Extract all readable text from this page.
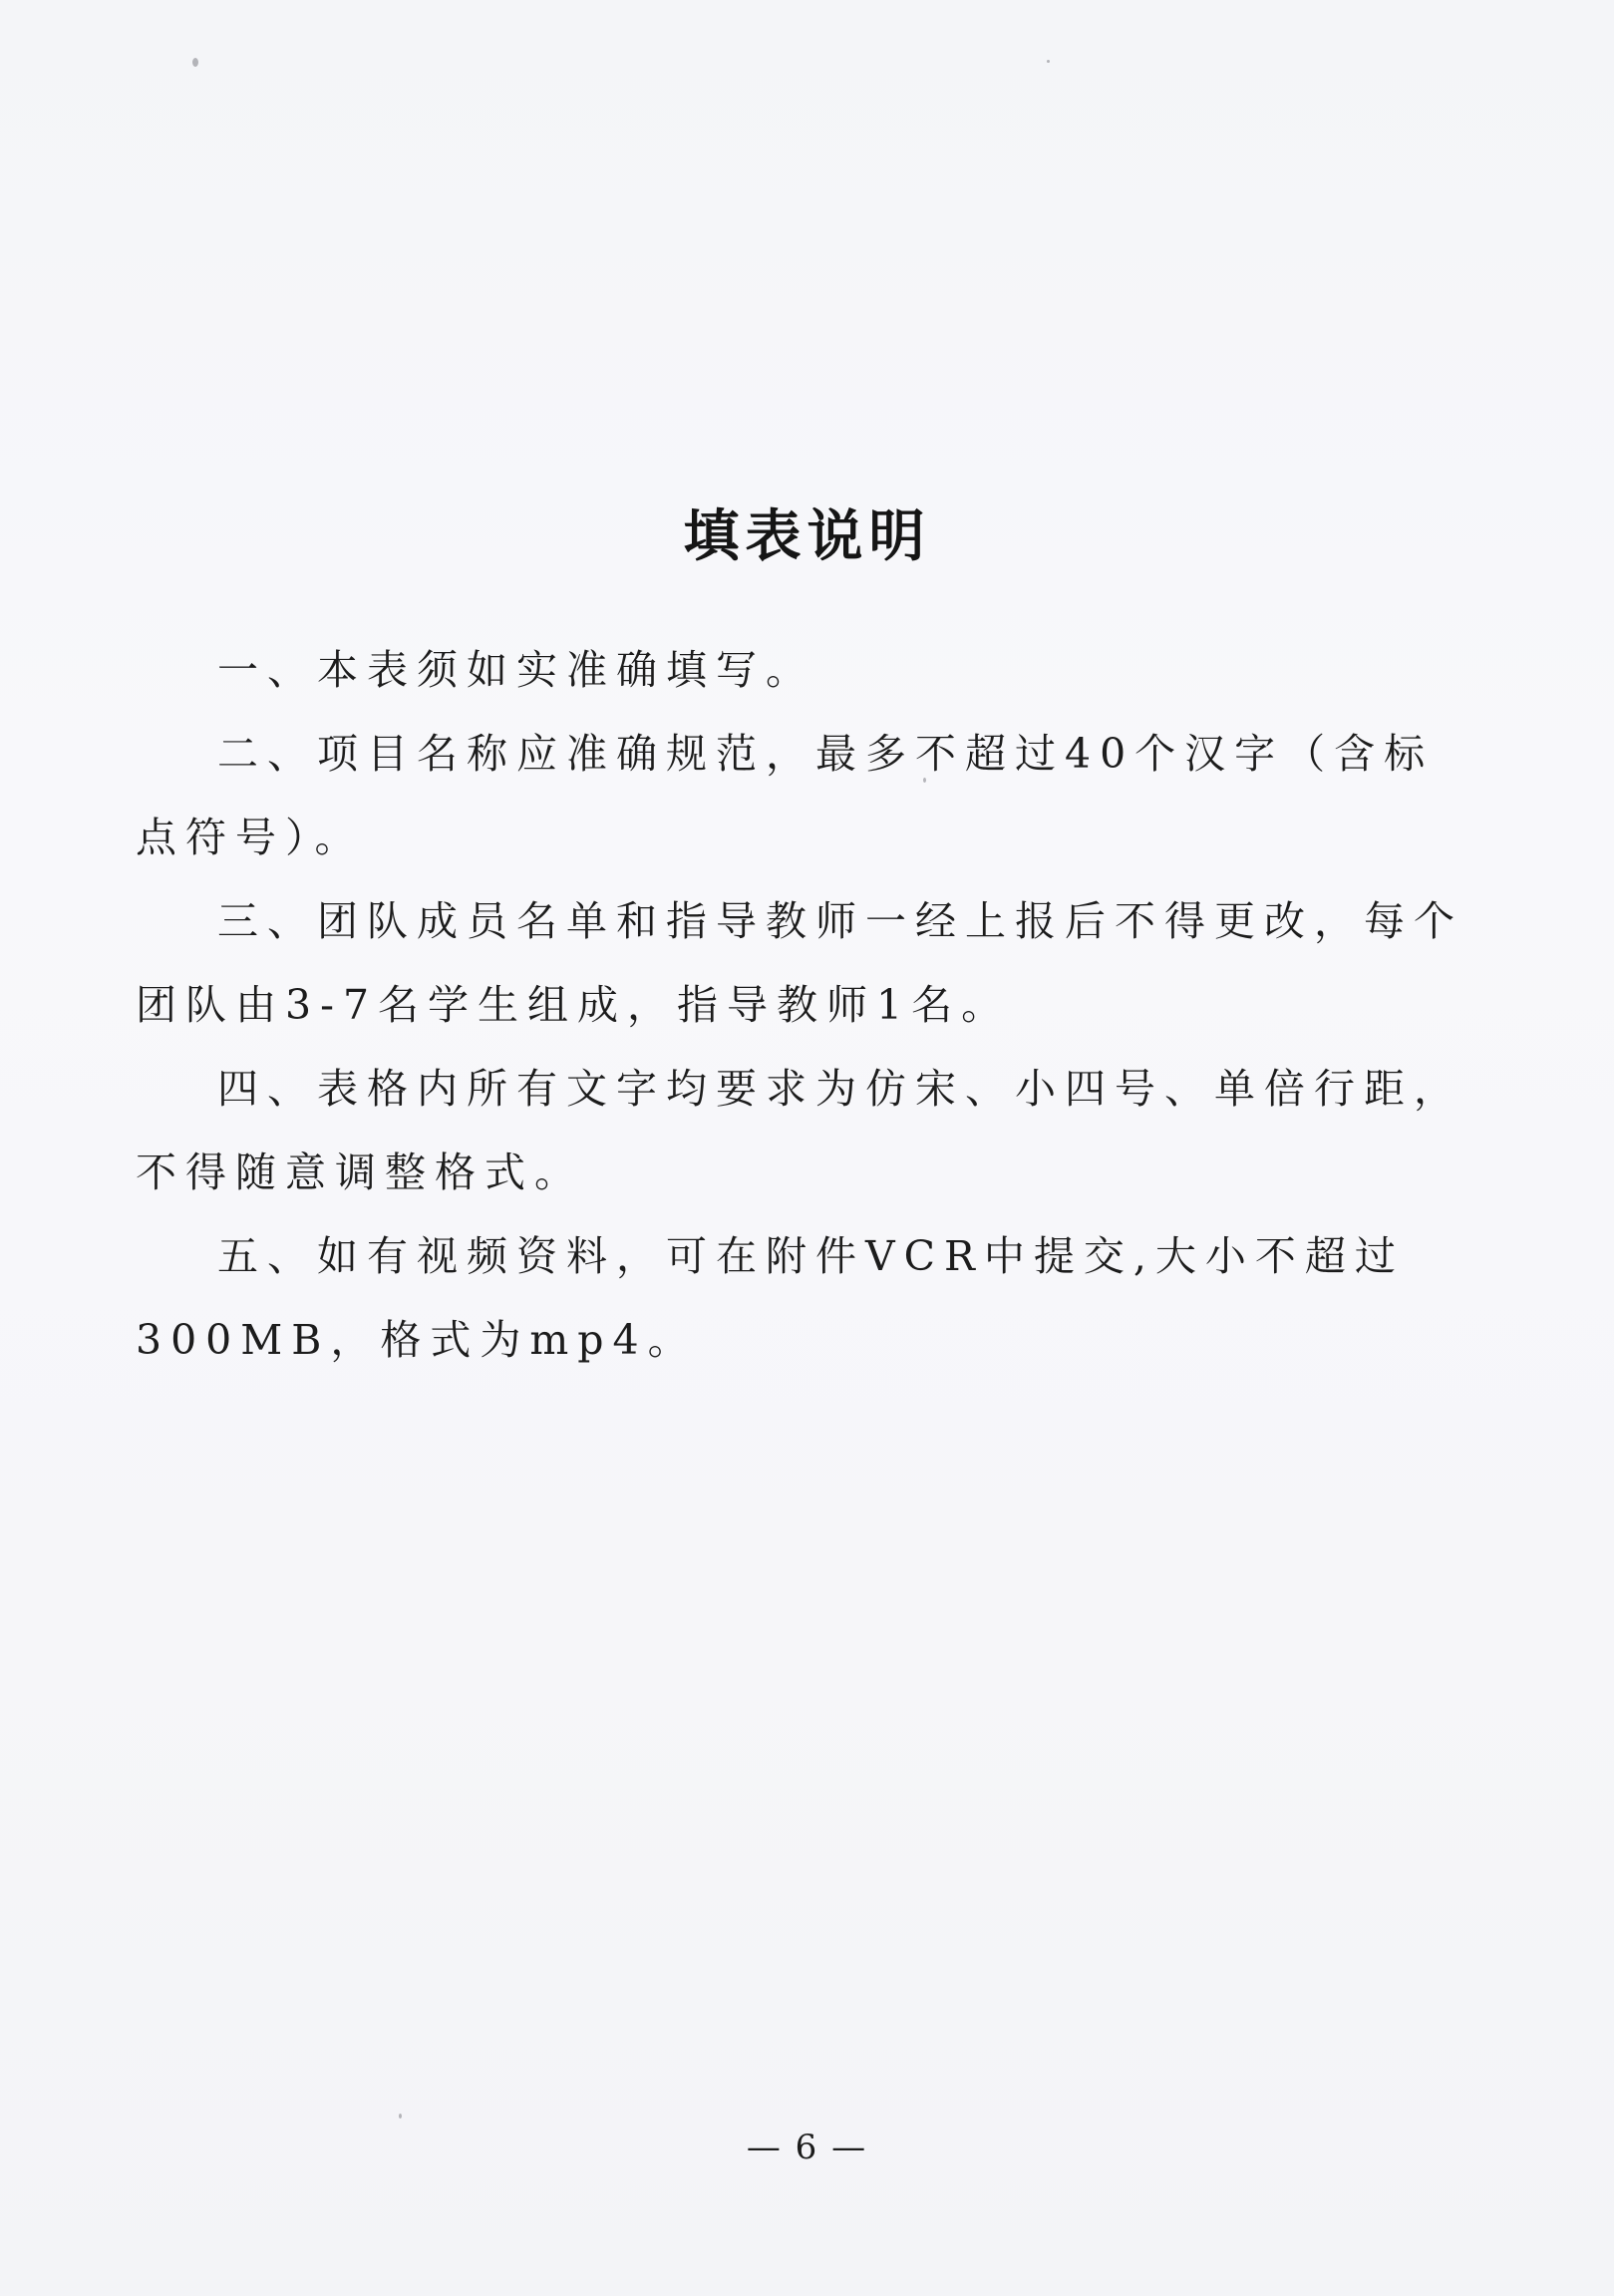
填表说明

一、本表须如实准确填写。

二、项目名称应准确规范，最多不超过40个汉字（含标点符号）。

三、团队成员名单和指导教师一经上报后不得更改，每个团队由3-7名学生组成，指导教师1名。

四、表格内所有文字均要求为仿宋、小四号、单倍行距，不得随意调整格式。

五、如有视频资料，可在附件VCR中提交,大小不超过300MB，格式为mp4。

— 6 —
